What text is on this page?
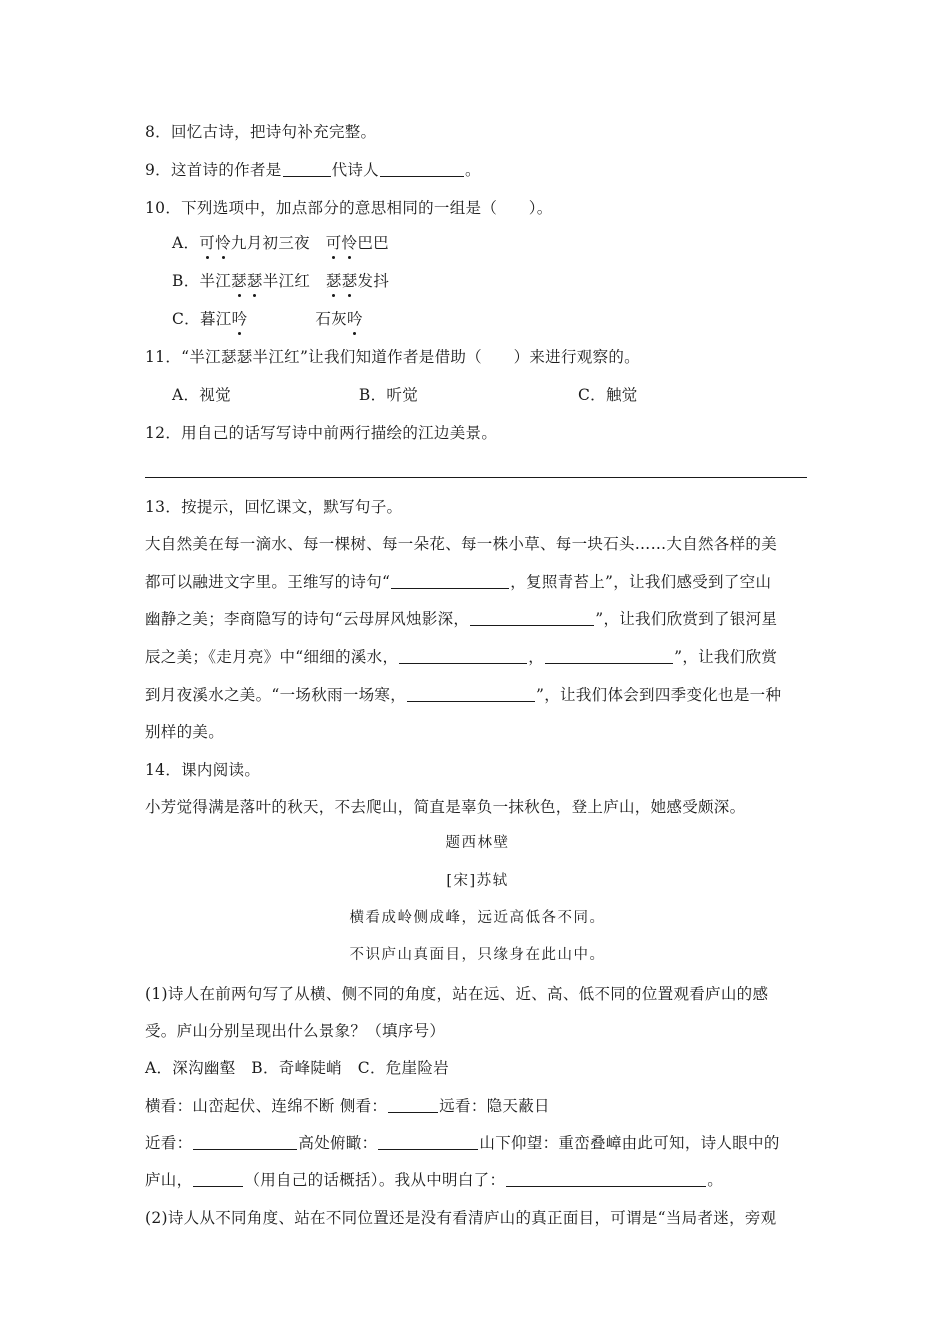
8．回忆古诗，把诗句补充完整。
9．这首诗的作者是	代诗人	。
10．下列选项中，加点部分的意思相同的一组是（　　）。
A．可怜九月初三夜　可怜巴巴
B．半江瑟瑟半江红　瑟瑟发抖
C．暮江吟	石灰吟
11．“半江瑟瑟半江红”让我们知道作者是借助（　　）来进行观察的。
A．视觉	B．听觉	C．触觉
12．用自己的话写写诗中前两行描绘的江边美景。
13．按提示，回忆课文，默写句子。
大自然美在每一滴水、每一棵树、每一朵花、每一株小草、每一块石头……大自然各样的美
都可以融进文字里。王维写的诗句“	，复照青苔上”，让我们感受到了空山
幽静之美；李商隐写的诗句“云母屏风烛影深，	”，让我们欣赏到了银河星
辰之美；《走月亮》中“细细的溪水，	，	”，让我们欣赏
到月夜溪水之美。“一场秋雨一场寒，	”，让我们体会到四季变化也是一种
别样的美。
14．课内阅读。
小芳觉得满是落叶的秋天，不去爬山，简直是辜负一抹秋色，登上庐山，她感受颇深。
题西林壁
[宋]苏轼
横看成岭侧成峰，远近高低各不同。
不识庐山真面目，只缘身在此山中。
(1)诗人在前两句写了从横、侧不同的角度，站在远、近、高、低不同的位置观看庐山的感
受。庐山分别呈现出什么景象？（填序号）
A．深沟幽壑　B．奇峰陡峭　C．危崖险岩
横看：山峦起伏、连绵不断 侧看：	远看：隐天蔽日
近看：	高处俯瞰：	山下仰望：重峦叠嶂由此可知，诗人眼中的
庐山，	（用自己的话概括）。我从中明白了：	。
(2)诗人从不同角度、站在不同位置还是没有看清庐山的真正面目，可谓是“当局者迷，旁观
